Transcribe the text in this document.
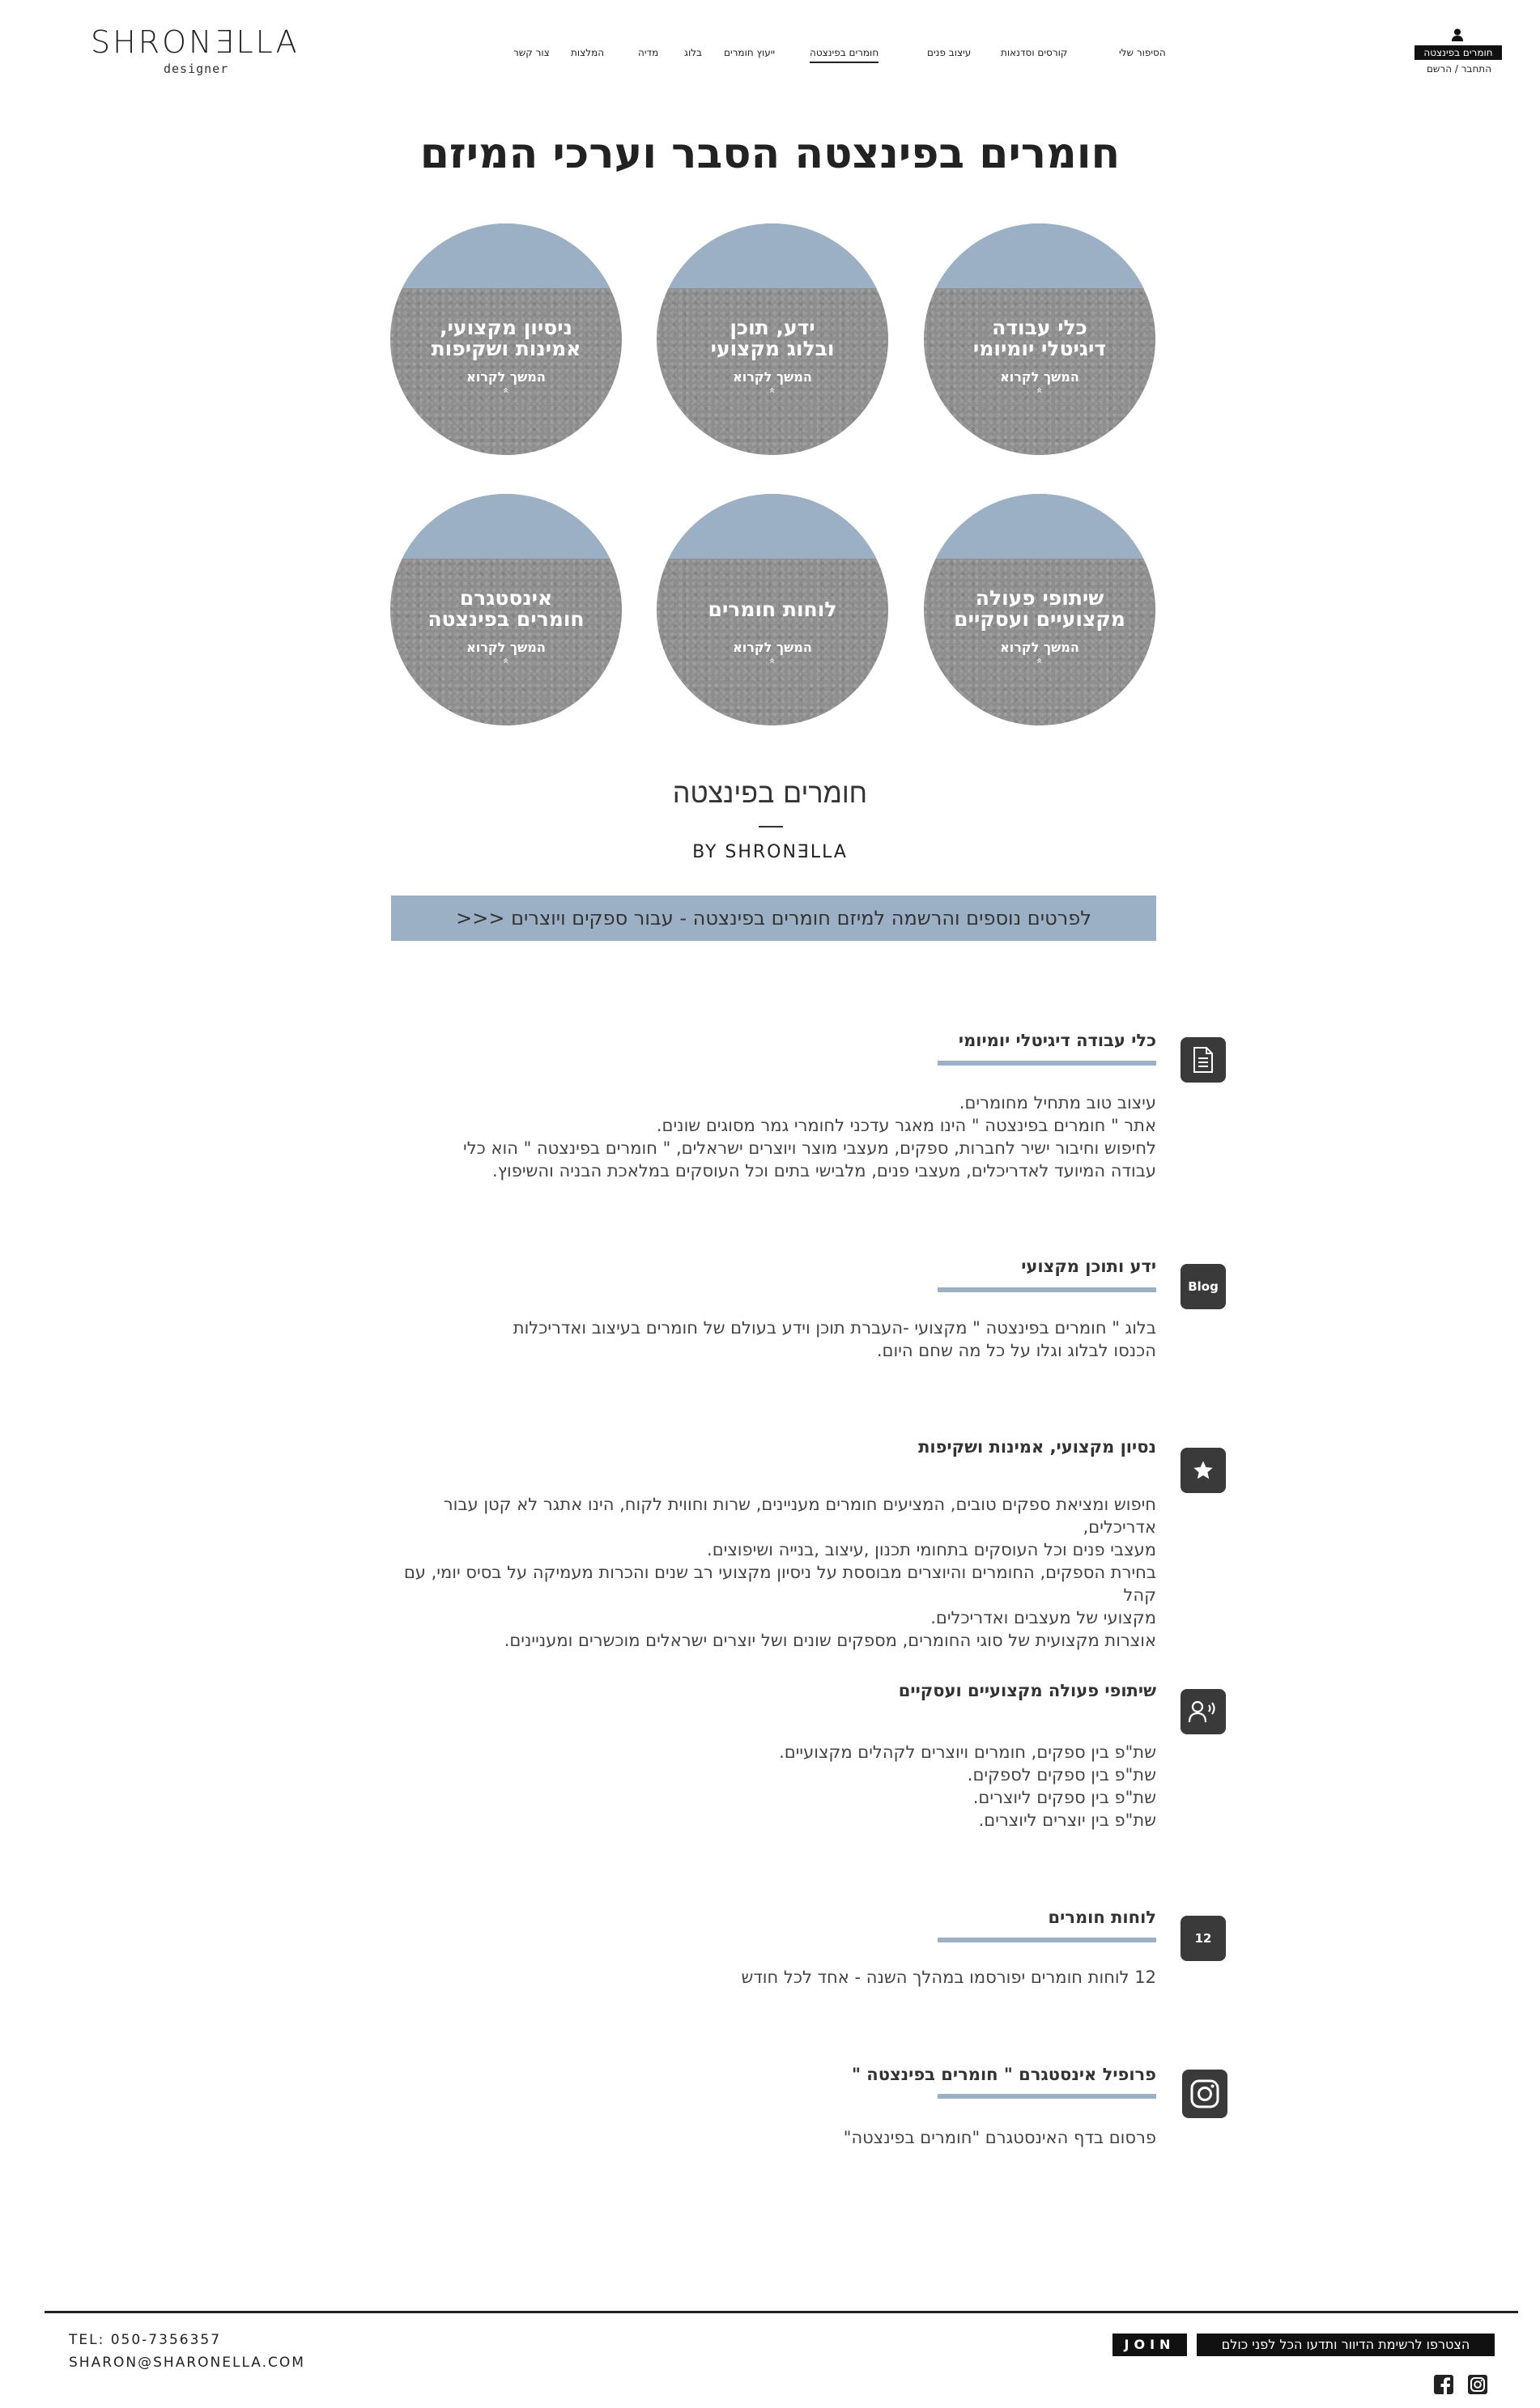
SHRONƎLLA
designer
הסיפור שלי
קורסים וסדנאות
עיצוב פנים
חומרים בפינצטה
ייעוץ חומרים
בלוג
מדיה
המלצות
צור קשר	חומרים בפינצטה
התחבר / הרשם
חומרים בפינצטה הסבר וערכי המיזם
כלי עבודה
דיגיטלי יומיומי
המשך לקרוא
»
ידע, תוכן
ובלוג מקצועי
המשך לקרוא
»
ניסיון מקצועי,
אמינות ושקיפות
המשך לקרוא
»
שיתופי פעולה
מקצועיים ועסקיים
המשך לקרוא
»
לוחות חומרים
המשך לקרוא
»
אינסטגרם
חומרים בפינצטה
המשך לקרוא
»
חומרים בפינצטה
BY SHRONƎLLA
לפרטים נוספים והרשמה למיזם חומרים בפינצטה - עבור ספקים ויוצרים <<<
כלי עבודה דיגיטלי יומיומי

עיצוב טוב מתחיל מחומרים.

אתר " חומרים בפינצטה " הינו מאגר עדכני לחומרי גמר מסוגים שונים.

לחיפוש וחיבור ישיר לחברות, ספקים, מעצבי מוצר ויוצרים ישראלים, " חומרים בפינצטה " הוא כלי

עבודה המיועד לאדריכלים, מעצבי פנים, מלבישי בתים וכל העוסקים במלאכת הבניה והשיפוץ.

Blog
ידע ותוכן מקצועי

בלוג " חומרים בפינצטה " מקצועי -העברת תוכן וידע בעולם של חומרים בעיצוב ואדריכלות

הכנסו לבלוג וגלו על כל מה שחם היום.

נסיון מקצועי, אמינות ושקיפות

חיפוש ומציאת ספקים טובים, המציעים חומרים מעניינים, שרות וחווית לקוח, הינו אתגר לא קטן עבור אדריכלים,

מעצבי פנים וכל העוסקים בתחומי תכנון ,עיצוב ,בנייה ושיפוצים.

בחירת הספקים, החומרים והיוצרים מבוססת על ניסיון מקצועי רב שנים והכרות מעמיקה על בסיס יומי, עם קהל

מקצועי של מעצבים ואדריכלים.

אוצרות מקצועית של סוגי החומרים, מספקים שונים ושל יוצרים ישראלים מוכשרים ומעניינים.

שיתופי פעולה מקצועיים ועסקיים

שת"פ בין ספקים, חומרים ויוצרים לקהלים מקצועיים.

שת"פ בין ספקים לספקים.

שת"פ בין ספקים ליוצרים.

שת"פ בין יוצרים ליוצרים.

12
לוחות חומרים

12 לוחות חומרים יפורסמו במהלך השנה - אחד לכל חודש

פרופיל אינסטגרם " חומרים בפינצטה "

פרסום בדף האינסטגרם "חומרים בפינצטה"

TEL: 050-7356357
SHARON@SHARONELLA.COM
JOIN	הצטרפו לרשימת הדיוור ותדעו הכל לפני כולם
